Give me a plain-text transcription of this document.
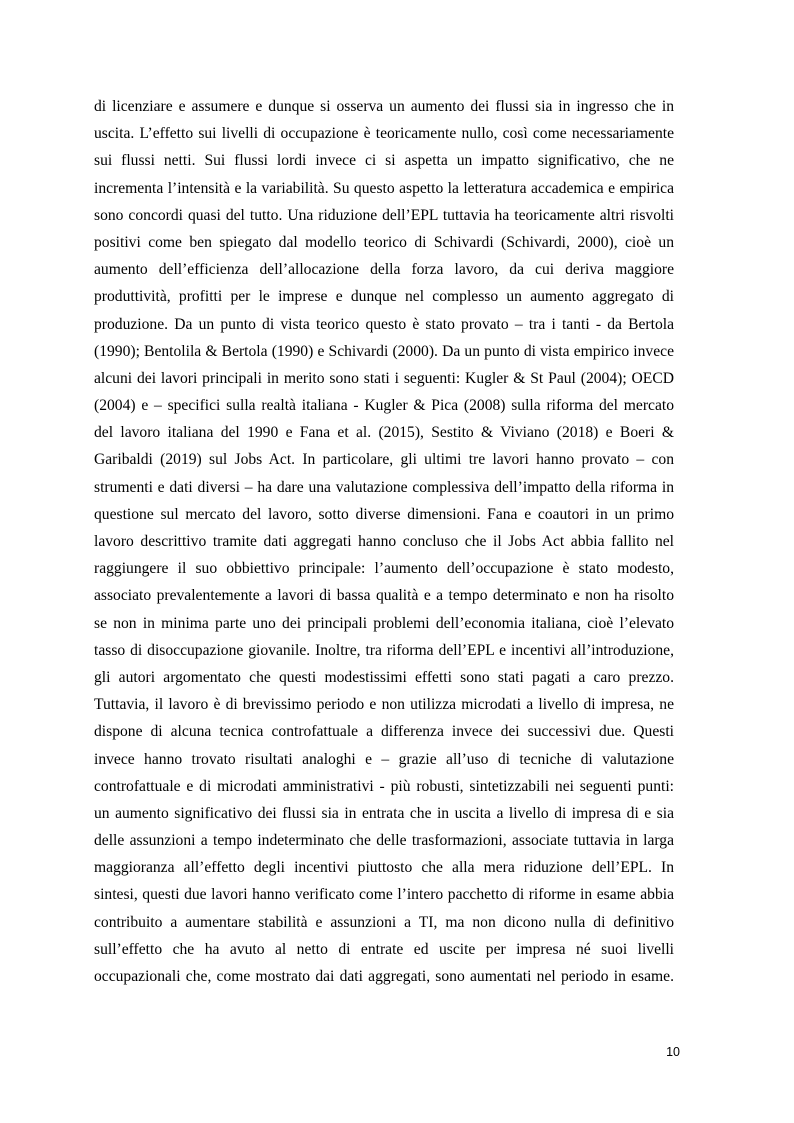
di licenziare e assumere e dunque si osserva un aumento dei flussi sia in ingresso che in
uscita. L’effetto sui livelli di occupazione è teoricamente nullo, così come necessariamente
sui flussi netti. Sui flussi lordi invece ci si aspetta un impatto significativo, che ne
incrementa l’intensità e la variabilità. Su questo aspetto la letteratura accademica e empirica
sono concordi quasi del tutto. Una riduzione dell’EPL tuttavia ha teoricamente altri risvolti
positivi come ben spiegato dal modello teorico di Schivardi (Schivardi, 2000), cioè un
aumento dell’efficienza dell’allocazione della forza lavoro, da cui deriva maggiore
produttività, profitti per le imprese e dunque nel complesso un aumento aggregato di
produzione. Da un punto di vista teorico questo è stato provato – tra i tanti - da Bertola
(1990); Bentolila & Bertola (1990) e Schivardi (2000). Da un punto di vista empirico invece
alcuni dei lavori principali in merito sono stati i seguenti: Kugler & St Paul (2004); OECD
(2004) e – specifici sulla realtà italiana - Kugler & Pica (2008) sulla riforma del mercato
del lavoro italiana del 1990 e Fana et al. (2015), Sestito & Viviano (2018) e Boeri &
Garibaldi (2019) sul Jobs Act. In particolare, gli ultimi tre lavori hanno provato – con
strumenti e dati diversi – ha dare una valutazione complessiva dell’impatto della riforma in
questione sul mercato del lavoro, sotto diverse dimensioni. Fana e coautori in un primo
lavoro descrittivo tramite dati aggregati hanno concluso che il Jobs Act abbia fallito nel
raggiungere il suo obbiettivo principale: l’aumento dell’occupazione è stato modesto,
associato prevalentemente a lavori di bassa qualità e a tempo determinato e non ha risolto
se non in minima parte uno dei principali problemi dell’economia italiana, cioè l’elevato
tasso di disoccupazione giovanile. Inoltre, tra riforma dell’EPL e incentivi all’introduzione,
gli autori argomentato che questi modestissimi effetti sono stati pagati a caro prezzo.
Tuttavia, il lavoro è di brevissimo periodo e non utilizza microdati a livello di impresa, ne
dispone di alcuna tecnica controfattuale a differenza invece dei successivi due. Questi
invece hanno trovato risultati analoghi e – grazie all’uso di tecniche di valutazione
controfattuale e di microdati amministrativi - più robusti, sintetizzabili nei seguenti punti:
un aumento significativo dei flussi sia in entrata che in uscita a livello di impresa di e sia
delle assunzioni a tempo indeterminato che delle trasformazioni, associate tuttavia in larga
maggioranza all’effetto degli incentivi piuttosto che alla mera riduzione dell’EPL. In
sintesi, questi due lavori hanno verificato come l’intero pacchetto di riforme in esame abbia
contribuito a aumentare stabilità e assunzioni a TI, ma non dicono nulla di definitivo
sull’effetto che ha avuto al netto di entrate ed uscite per impresa né suoi livelli
occupazionali che, come mostrato dai dati aggregati, sono aumentati nel periodo in esame.
10
